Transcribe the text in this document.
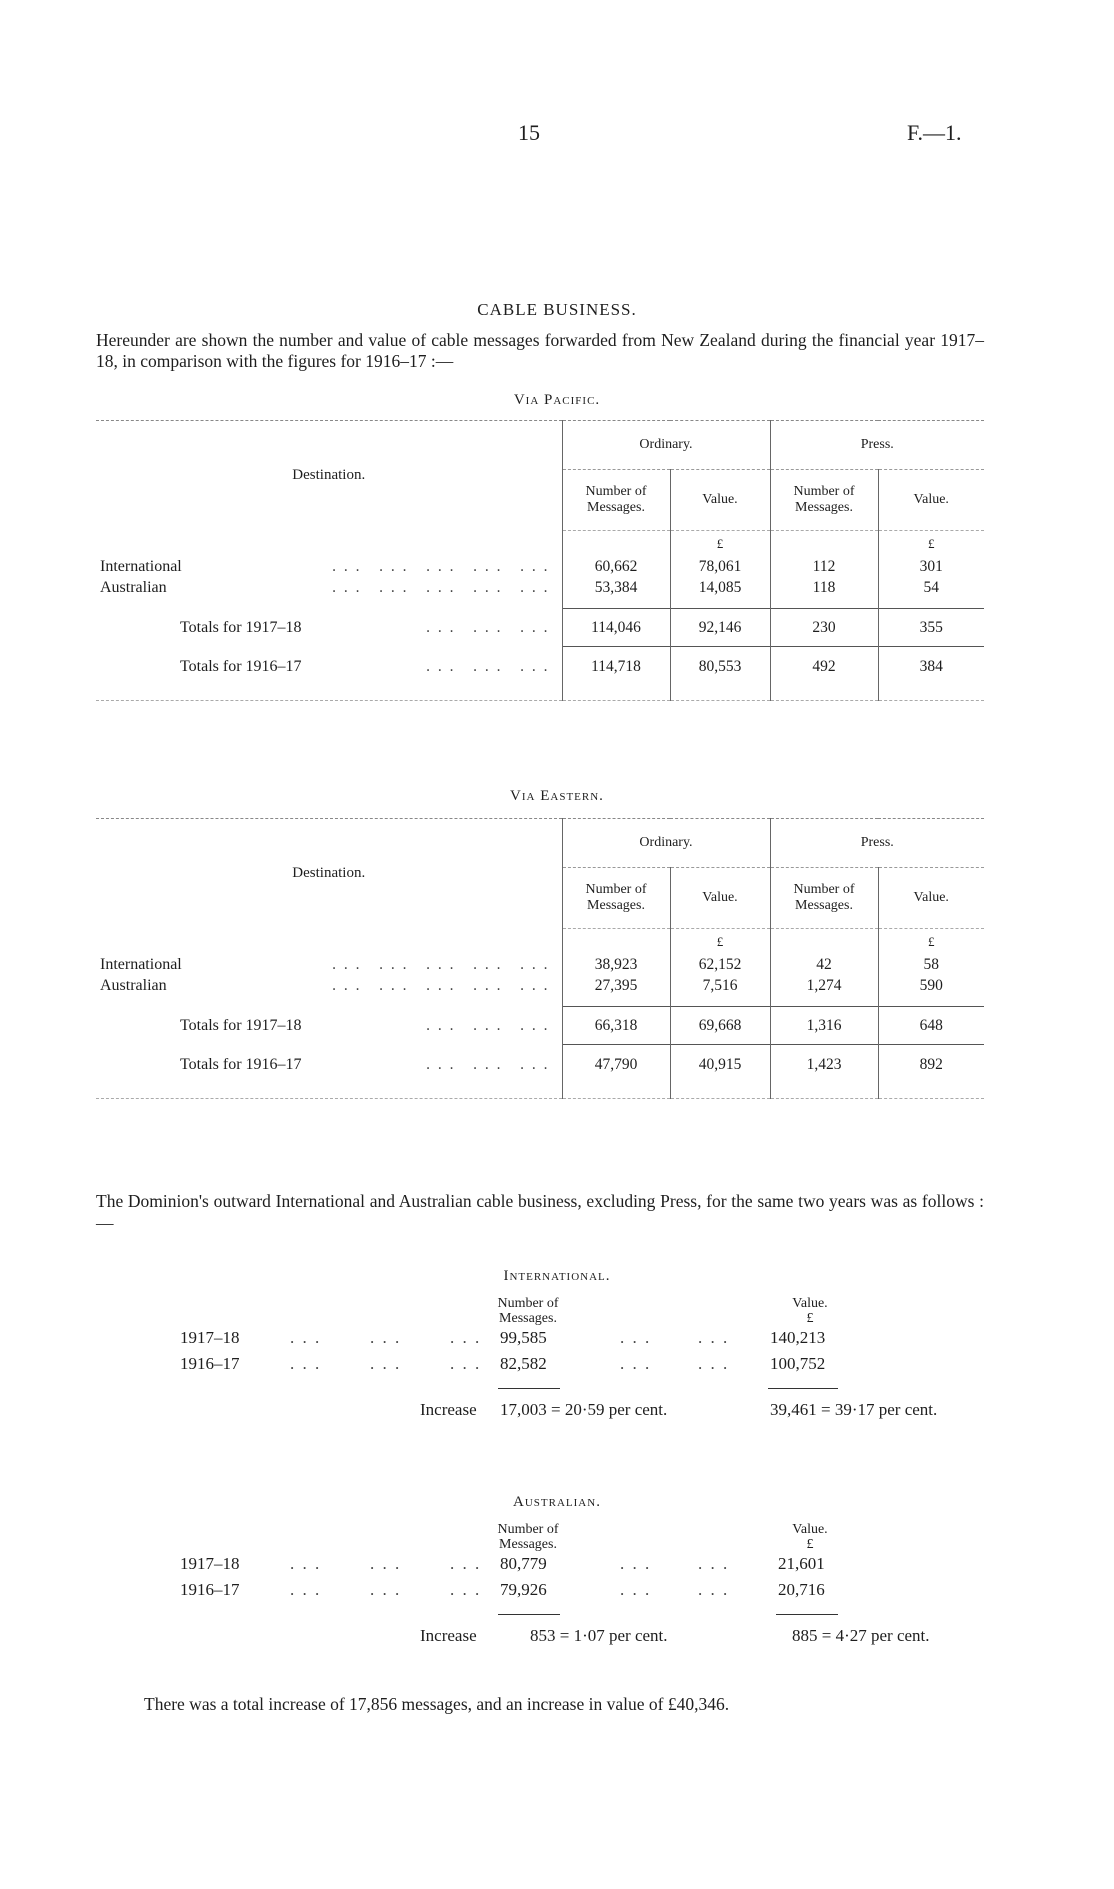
15	F.—1.
CABLE BUSINESS.
Hereunder are shown the number and value of cable messages forwarded from New Zealand during the financial year 1917–18, in comparison with the figures for 1916–17 :—
Via Pacific.
Destination.	Ordinary.		Press.	
	Number of Messages.	Value.	Number of Messages.	Value.
		£		£
International . . .   . . .   . . .   . . .   . . .	60,662	78,061	112	301
Australian . . .   . . .   . . .   . . .   . . .	53,384	14,085	118	54

Totals for 1917–18 . . .   . . .   . . .	114,046	92,146	230	355
Totals for 1916–17 . . .   . . .   . . .	114,718	80,553	492	384

Via Eastern.
Destination.	Ordinary.		Press.	
	Number of Messages.	Value.	Number of Messages.	Value.
		£		£
International . . .   . . .   . . .   . . .   . . .	38,923	62,152	42	58
Australian . . .   . . .   . . .   . . .   . . .	27,395	7,516	1,274	590

Totals for 1917–18 . . .   . . .   . . .	66,318	69,668	1,316	648
Totals for 1916–17 . . .   . . .   . . .	47,790	40,915	1,423	892

The Dominion's outward International and Australian cable business, excluding Press, for the same two years was as follows :—
International.
Number of Messages.
Value.
£
1917–18	. . .	. . .	. . . 99,585	. . .	. . . 140,213
1916–17	. . .	. . .	. . . 82,582	. . .	. . . 100,752
Increase 17,003 = 20·59 per cent.	39,461 = 39·17 per cent.
Australian.
Number of Messages.
Value.
£
1917–18	. . .	. . .	. . . 80,779	. . .	. . .	21,601
1916–17	. . .	. . .	. . . 79,926	. . .	. . .	20,716
Increase	853 = 1·07 per cent.	885 = 4·27 per cent.
There was a total increase of 17,856 messages, and an increase in value of £40,346.
